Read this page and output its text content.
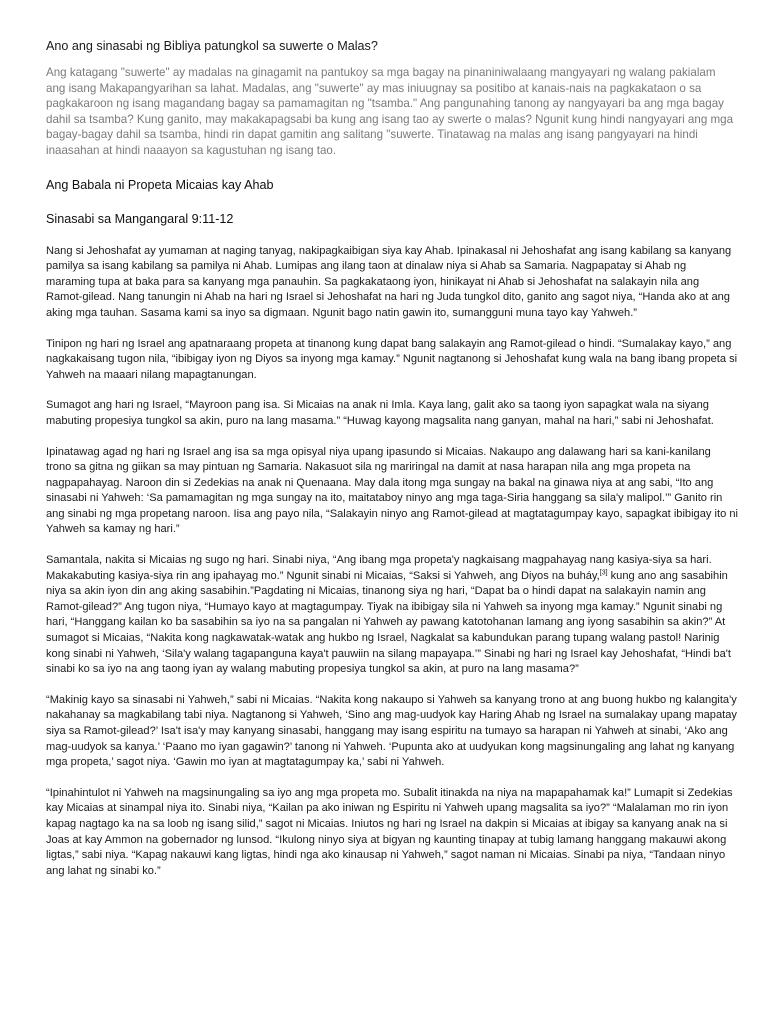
Ano ang sinasabi ng Bibliya patungkol sa suwerte o Malas?

Ang katagang "suwerte" ay madalas na ginagamit na pantukoy sa mga bagay na pinaniniwalaang mangyayari ng walang pakialam ang isang Makapangyarihan sa lahat. Madalas, ang "suwerte" ay mas iniuugnay sa positibo at kanais-nais na pagkakataon o sa pagkakaroon ng isang magandang bagay sa pamamagitan ng "tsamba." Ang pangunahing tanong ay nangyayari ba ang mga bagay dahil sa tsamba? Kung ganito, may makakapagsabi ba kung ang isang tao ay swerte o malas? Ngunit kung hindi nangyayari ang mga bagay-bagay dahil sa tsamba, hindi rin dapat gamitin ang salitang "suwerte. Tinatawag na malas ang isang pangyayari na hindi inaasahan at hindi naaayon sa kagustuhan ng isang tao.

Ang Babala ni Propeta Micaias kay Ahab
Sinasabi sa Mangangaral 9:11-12

Nang si Jehoshafat ay yumaman at naging tanyag, nakipagkaibigan siya kay Ahab. Ipinakasal ni Jehoshafat ang isang kabilang sa kanyang pamilya sa isang kabilang sa pamilya ni Ahab. Lumipas ang ilang taon at dinalaw niya si Ahab sa Samaria. Nagpapatay si Ahab ng maraming tupa at baka para sa kanyang mga panauhin. Sa pagkakataong iyon, hinikayat ni Ahab si Jehoshafat na salakayin nila ang Ramot-gilead. Nang tanungin ni Ahab na hari ng Israel si Jehoshafat na hari ng Juda tungkol dito, ganito ang sagot niya, “Handa ako at ang aking mga tauhan. Sasama kami sa inyo sa digmaan. Ngunit bago natin gawin ito, sumangguni muna tayo kay Yahweh.”

Tinipon ng hari ng Israel ang apatnaraang propeta at tinanong kung dapat bang salakayin ang Ramot-gilead o hindi. “Sumalakay kayo,” ang nagkakaisang tugon nila, “ibibigay iyon ng Diyos sa inyong mga kamay.” Ngunit nagtanong si Jehoshafat kung wala na bang ibang propeta si Yahweh na maaari nilang mapagtanungan.

Sumagot ang hari ng Israel, “Mayroon pang isa. Si Micaias na anak ni Imla. Kaya lang, galit ako sa taong iyon sapagkat wala na siyang mabuting propesiya tungkol sa akin, puro na lang masama.” “Huwag kayong magsalita nang ganyan, mahal na hari,” sabi ni Jehoshafat.

Ipinatawag agad ng hari ng Israel ang isa sa mga opisyal niya upang ipasundo si Micaias. Nakaupo ang dalawang hari sa kani-kanilang trono sa gitna ng giikan sa may pintuan ng Samaria. Nakasuot sila ng mariringal na damit at nasa harapan nila ang mga propeta na nagpapahayag. Naroon din si Zedekias na anak ni Quenaana. May dala itong mga sungay na bakal na ginawa niya at ang sabi, “Ito ang sinasabi ni Yahweh: ‘Sa pamamagitan ng mga sungay na ito, maitataboy ninyo ang mga taga-Siria hanggang sa sila'y malipol.’” Ganito rin ang sinabi ng mga propetang naroon. Iisa ang payo nila, “Salakayin ninyo ang Ramot-gilead at magtatagumpay kayo, sapagkat ibibigay ito ni Yahweh sa kamay ng hari.”

Samantala, nakita si Micaias ng sugo ng hari. Sinabi niya, “Ang ibang mga propeta'y nagkaisang magpahayag nang kasiya-siya sa hari. Makakabuting kasiya-siya rin ang ipahayag mo.” Ngunit sinabi ni Micaias, “Saksi si Yahweh, ang Diyos na buháy,[3] kung ano ang sasabihin niya sa akin iyon din ang aking sasabihin.”Pagdating ni Micaias, tinanong siya ng hari, “Dapat ba o hindi dapat na salakayin namin ang Ramot-gilead?” Ang tugon niya, “Humayo kayo at magtagumpay. Tiyak na ibibigay sila ni Yahweh sa inyong mga kamay.” Ngunit sinabi ng hari, “Hanggang kailan ko ba sasabihin sa iyo na sa pangalan ni Yahweh ay pawang katotohanan lamang ang iyong sasabihin sa akin?” At sumagot si Micaias, “Nakita kong nagkawatak-watak ang hukbo ng Israel, Nagkalat sa kabundukan parang tupang walang pastol! Narinig kong sinabi ni Yahweh, ‘Sila'y walang tagapanguna kaya't pauwiin na silang mapayapa.’” Sinabi ng hari ng Israel kay Jehoshafat, “Hindi ba't sinabi ko sa iyo na ang taong iyan ay walang mabuting propesiya tungkol sa akin, at puro na lang masama?”

“Makinig kayo sa sinasabi ni Yahweh,” sabi ni Micaias. “Nakita kong nakaupo si Yahweh sa kanyang trono at ang buong hukbo ng kalangita'y nakahanay sa magkabilang tabi niya. Nagtanong si Yahweh, ‘Sino ang mag-uudyok kay Haring Ahab ng Israel na sumalakay upang mapatay siya sa Ramot-gilead?’ Isa't isa'y may kanyang sinasabi, hanggang may isang espiritu na tumayo sa harapan ni Yahweh at sinabi, ‘Ako ang mag-uudyok sa kanya.’ ‘Paano mo iyan gagawin?’ tanong ni Yahweh. ‘Pupunta ako at uudyukan kong magsinungaling ang lahat ng kanyang mga propeta,’ sagot niya. ‘Gawin mo iyan at magtatagumpay ka,’ sabi ni Yahweh.

“Ipinahintulot ni Yahweh na magsinungaling sa iyo ang mga propeta mo. Subalit itinakda na niya na mapapahamak ka!” Lumapit si Zedekias kay Micaias at sinampal niya ito. Sinabi niya, “Kailan pa ako iniwan ng Espiritu ni Yahweh upang magsalita sa iyo?” “Malalaman mo rin iyon kapag nagtago ka na sa loob ng isang silid,” sagot ni Micaias. Iniutos ng hari ng Israel na dakpin si Micaias at ibigay sa kanyang anak na si Joas at kay Ammon na gobernador ng lunsod. “Ikulong ninyo siya at bigyan ng kaunting tinapay at tubig lamang hanggang makauwi akong ligtas,” sabi niya. “Kapag nakauwi kang ligtas, hindi nga ako kinausap ni Yahweh,” sagot naman ni Micaias. Sinabi pa niya, “Tandaan ninyo ang lahat ng sinabi ko.”
